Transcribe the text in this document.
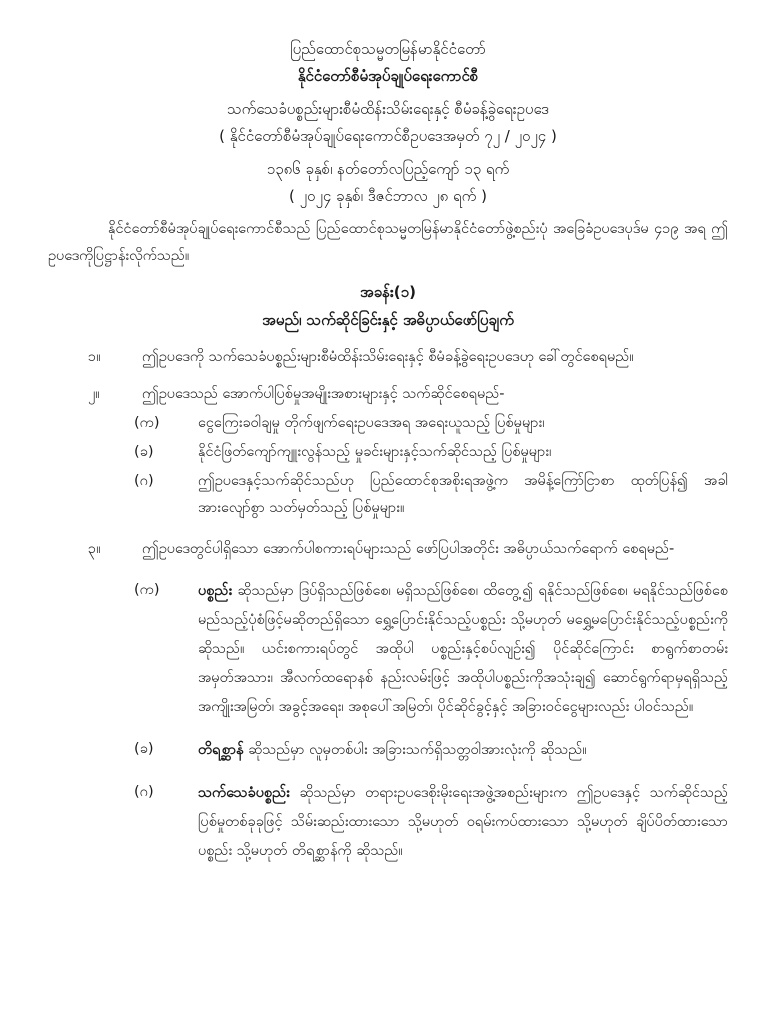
ပြည်ထောင်စုသမ္မတမြန်မာနိုင်ငံတော်
နိုင်ငံတော်စီမံအုပ်ချုပ်ရေးကောင်စီ
သက်သေခံပစ္စည်းများစီမံထိန်းသိမ်းရေးနှင့် စီမံခန့်ခွဲရေးဥပဒေ
( နိုင်ငံတော်စီမံအုပ်ချုပ်ရေးကောင်စီဥပဒေအမှတ် ၇၂ / ၂၀၂၄ )
၁၃၈၆ ခုနှစ်၊ နတ်တော်လပြည့်ကျော် ၁၃ ရက်
( ၂၀၂၄ ခုနှစ်၊ ဒီဇင်ဘာလ ၂၈ ရက် )
နိုင်ငံတော်စီမံအုပ်ချုပ်ရေးကောင်စီသည် ပြည်ထောင်စုသမ္မတမြန်မာနိုင်ငံတော်ဖွဲ့စည်းပုံ အခြေခံဥပဒေပုဒ်မ ၄၁၉ အရ ဤဥပဒေကိုပြဋ္ဌာန်းလိုက်သည်။
အခန်း(၁)
အမည်၊ သက်ဆိုင်ခြင်းနှင့် အဓိပ္ပာယ်ဖော်ပြချက်
၁။	ဤဥပဒေကို သက်သေခံပစ္စည်းများစီမံထိန်းသိမ်းရေးနှင့် စီမံခန့်ခွဲရေးဥပဒေဟု ခေါ်တွင်စေရမည်။
၂။	ဤဥပဒေသည် အောက်ပါပြစ်မှုအမျိုးအစားများနှင့် သက်ဆိုင်စေရမည်-
(က)	ငွေကြေးခဝါချမှု တိုက်ဖျက်ရေးဥပဒေအရ အရေးယူသည့် ပြစ်မှုများ၊
(ခ)	နိုင်ငံဖြတ်ကျော်ကျူးလွန်သည့် မှုခင်းများနှင့်သက်ဆိုင်သည့် ပြစ်မှုများ၊
(ဂ)	ဤဥပဒေနှင့်သက်ဆိုင်သည်ဟု ပြည်ထောင်စုအစိုးရအဖွဲ့က အမိန့်ကြော်ငြာစာ ထုတ်ပြန်၍ အခါအားလျော်စွာ သတ်မှတ်သည့် ပြစ်မှုများ။
၃။	ဤဥပဒေတွင်ပါရှိသော အောက်ပါစကားရပ်များသည် ဖော်ပြပါအတိုင်း အဓိပ္ပာယ်သက်ရောက် စေရမည်-
(က)	ပစ္စည်း ဆိုသည်မှာ ဒြပ်ရှိသည်ဖြစ်စေ၊ မရှိသည်ဖြစ်စေ၊ ထိတွေ့၍ ရနိုင်သည်ဖြစ်စေ၊ မရနိုင်သည်ဖြစ်စေ မည်သည့်ပုံစံဖြင့်မဆိုတည်ရှိသော ရွှေ့ပြောင်းနိုင်သည့်ပစ္စည်း သို့မဟုတ် မရွှေ့မပြောင်းနိုင်သည့်ပစ္စည်းကို ဆိုသည်။ ယင်းစကားရပ်တွင် အထိုပါ ပစ္စည်းနှင့်စပ်လျဉ်း၍ ပိုင်ဆိုင်ကြောင်း စာရွက်စာတမ်းအမှတ်အသား၊ အီလက်ထရောနစ် နည်းလမ်းဖြင့် အထိုပါပစ္စည်းကိုအသုံးချ၍ ဆောင်ရွက်ရာမှရရှိသည့် အကျိုးအမြတ်၊ အခွင့်အရေး၊ အစုပေါ်အမြတ်၊ ပိုင်ဆိုင်ခွင့်နှင့် အခြားဝင်ငွေများလည်း ပါဝင်သည်။
(ခ)	တိရစ္ဆာန် ဆိုသည်မှာ လူမှတစ်ပါး အခြားသက်ရှိသတ္တဝါအားလုံးကို ဆိုသည်။
(ဂ)	သက်သေခံပစ္စည်း ဆိုသည်မှာ တရားဥပဒေစိုးမိုးရေးအဖွဲ့အစည်းများက ဤဥပဒေနှင့် သက်ဆိုင်သည့် ပြစ်မှုတစ်ခုခုဖြင့် သိမ်းဆည်းထားသော သို့မဟုတ် ဝရမ်းကပ်ထားသော သို့မဟုတ် ချိပ်ပိတ်ထားသော ပစ္စည်း သို့မဟုတ် တိရစ္ဆာန်ကို ဆိုသည်။
